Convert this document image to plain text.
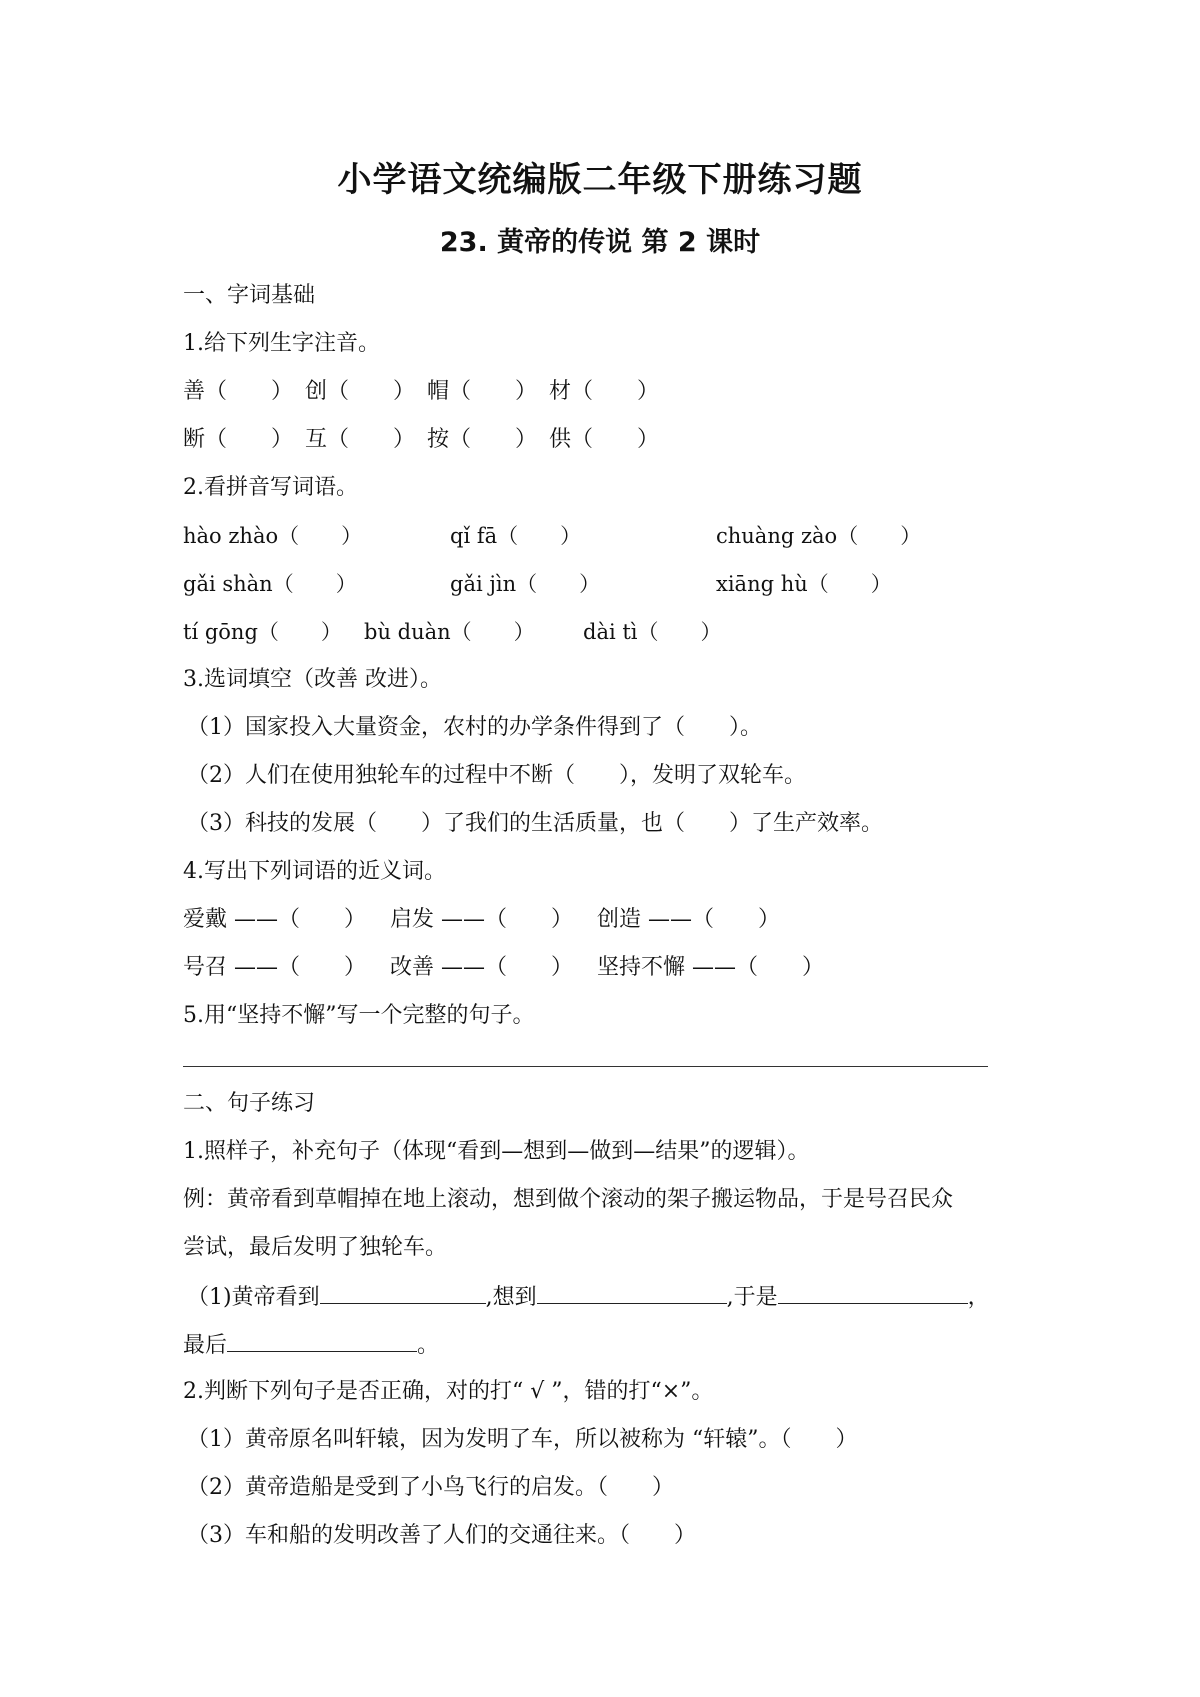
小学语文统编版二年级下册练习题
23. 黄帝的传说 第 2 课时
一、字词基础
1.给下列生字注音。
善（　　） 创（　　） 帽（　　） 材（　　）
断（　　） 互（　　） 按（　　） 供（　　）
2.看拼音写词语。
hào zhào（　　）	qǐ fā（　　）	chuàng zào（　　）
gǎi shàn（　　）	gǎi jìn（　　）	xiāng hù（　　）
tí gōng（　　） bù duàn（　　） dài tì（　　）
3.选词填空（改善 改进）。
（1）国家投入大量资金，农村的办学条件得到了（　　）。
（2）人们在使用独轮车的过程中不断（　　），发明了双轮车。
（3）科技的发展（　　）了我们的生活质量，也（　　）了生产效率。
4.写出下列词语的近义词。
爱戴 ——（　　） 启发 ——（　　） 创造 ——（　　）
号召 ——（　　） 改善 ——（　　） 坚持不懈 ——（　　）
5.用“坚持不懈”写一个完整的句子。
二、句子练习
1.照样子，补充句子（体现“看到—想到—做到—结果”的逻辑）。
例：黄帝看到草帽掉在地上滚动，想到做个滚动的架子搬运物品，于是号召民众
尝试，最后发明了独轮车。
（1)黄帝看到	,想到	,于是	，
最后	。
2.判断下列句子是否正确，对的打“ √ ”，错的打“×”。
（1）黄帝原名叫轩辕，因为发明了车，所以被称为 “轩辕”。（　　）
（2）黄帝造船是受到了小鸟飞行的启发。（　　）
（3）车和船的发明改善了人们的交通往来。（　　）
